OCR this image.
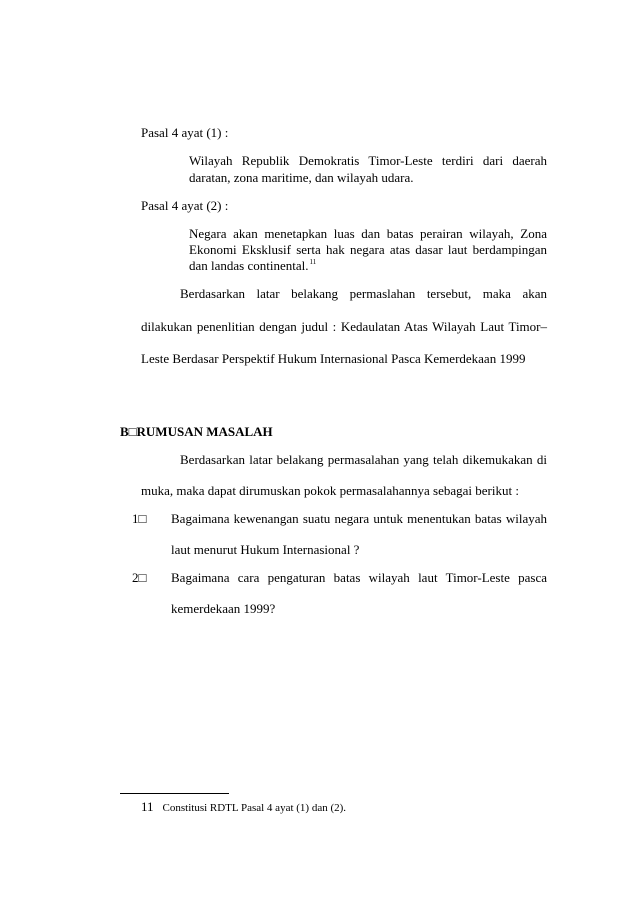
Pasal 4 ayat (1) :
Wilayah Republik Demokratis Timor-Leste terdiri dari daerah
daratan, zona maritime, dan wilayah udara.
Pasal 4 ayat (2) :
Negara akan menetapkan luas dan batas perairan wilayah, Zona
Ekonomi Eksklusif serta hak negara atas dasar laut berdampingan
dan landas continental.$^{11}$
Berdasarkan latar belakang permaslahan tersebut, maka akan
dilakukan penenlitian dengan judul : Kedaulatan Atas Wilayah Laut Timor–
Leste Berdasar Perspektif Hukum Internasional Pasca Kemerdekaan 1999
B□RUMUSAN MASALAH
Berdasarkan latar belakang permasalahan yang telah dikemukakan di
muka, maka dapat dirumuskan pokok permasalahannya sebagai berikut :
1□ Bagaimana kewenangan suatu negara untuk menentukan batas wilayah
laut menurut Hukum Internasional ?
2□ Bagaimana cara pengaturan batas wilayah laut Timor-Leste pasca
kemerdekaan 1999?
11 Constitusi RDTL Pasal 4 ayat (1) dan (2).
